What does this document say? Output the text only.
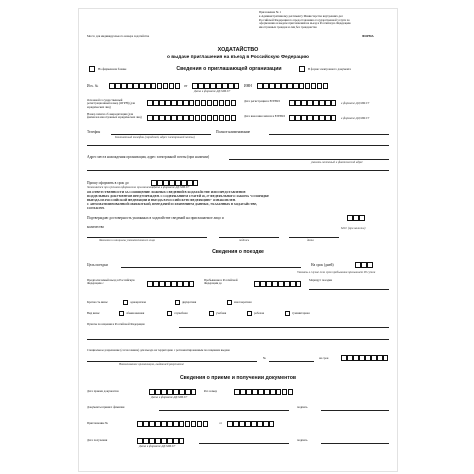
Приложение № 1
к Административному регламенту Министерства внутренних дел
Российской Федерации по предоставлению государственной услуги по
оформлению и выдаче приглашений на въезд в Российскую Федерацию
иностранных граждан и лиц без гражданства
Место для индивидуального номера ходатайства	ФОРМА
ХОДАТАЙСТВО
о выдаче приглашения на въезд в Российскую Федерацию
На фирменном бланке	Сведения о приглашающей организации	В форме электронного документа
Исх. №	от
Дата в формате ДД.ММ.ГГ
ИНН
Основной государственный регистрационный номер (ОГРН) (для юридических лиц)
Дата регистрации в ЕГРЮЛ	в формате ДД.ММ.ГГ
Номер записи об аккредитации (для филиалов иностранных юридических лиц)	Дата внесения записи в ЕГРЮЛ	в формате ДД.ММ.ГГ
Телефон
Контактный телефон (городской, адрес электронной почты)
Полное наименование
Адрес места нахождения организации, адрес электронной почты (при наличии)
указать почтовый и фактический адрес
Прошу оформить в срок до
Заполняется при срочном оформлении приглашения Дата в формате ДД.ММ.ГГ
ОБ ОТВЕТСТВЕННОСТИ ЗА СООБЩЕНИЕ ЛОЖНЫХ СВЕДЕНИЙ В ХОДАТАЙСТВЕ ИЛИ ПРЕДСТАВЛЕНИЕ
ПОДДЕЛЬНЫХ ДОКУМЕНТОВ ПРЕДУПРЕЖДЕН. С СОДЕРЖАНИЕМ СТАТЕЙ 26, 27 ФЕДЕРАЛЬНОГО ЗАКОНА "О ПОРЯДКЕ
ВЫЕЗДА ИЗ РОССИЙСКОЙ ФЕДЕРАЦИИ И ВЪЕЗДА В РОССИЙСКУЮ ФЕДЕРАЦИЮ" ОЗНАКОМЛЕН.
С АВТОМАТИЗИРОВАННОЙ ОБРАБОТКОЙ, ПЕРЕДАЧЕЙ И ХРАНЕНИЕМ ДАННЫХ, УКАЗАННЫХ В ХОДАТАЙСТВЕ,
СОГЛАСЕН.
Подтверждаю достоверность указанных в ходатайстве сведений на приглашаемое лицо и
количество
Фамилия и инициалы уполномоченного лица	подпись	дата
М.П. (при наличии)
Сведения о поездке
Цель поездки	На срок (дней)
Указать в случае если срок пребывания превышает 90 суток
Предполагаемый въезд в Российскую Федерацию с
Пребывание в Российской Федерации до
Маршрут поездки
Кратность визы:	однократная	двукратная	многократная
Вид визы:	обыкновенная	служебная	учебная	рабочая	гуманитарная
Пункты посещения в Российской Федерации
Специальное разрешение (согласование) для въезда на территорию с регламентированным посещением выдано
Наименование организации, выдавшей разрешение
№	на срок
Сведения о приеме и получении документов
Дата приема документов
Дата в формате ДД.ММ.ГГ
Рег. номер
Документы принял: фамилия	подпись
Приглашение №	от
Дата получения
Дата в формате ДД.ММ.ГГ
подпись
